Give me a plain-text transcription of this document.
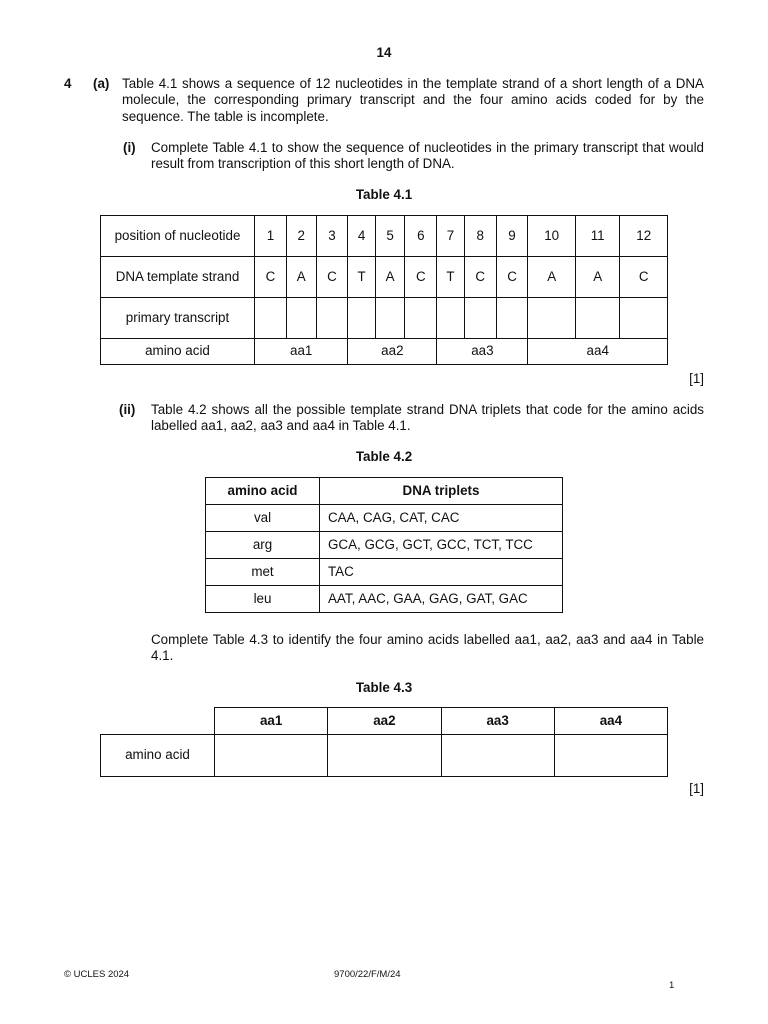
14
4 (a) Table 4.1 shows a sequence of 12 nucleotides in the template strand of a short length of a DNA molecule, the corresponding primary transcript and the four amino acids coded for by the sequence. The table is incomplete.
(i) Complete Table 4.1 to show the sequence of nucleotides in the primary transcript that would result from transcription of this short length of DNA.
Table 4.1
position of nucleotide	1	2	3	4	5	6	7	8	9	10	11	12
DNA template strand	C	A	C	T	A	C	T	C	C	A	A	C
primary transcript												
amino acid	aa1			aa2			aa3			aa4		
[1]
(ii) Table 4.2 shows all the possible template strand DNA triplets that code for the amino acids labelled aa1, aa2, aa3 and aa4 in Table 4.1.
Table 4.2
amino acid	DNA triplets
val	CAA, CAG, CAT, CAC
arg	GCA, GCG, GCT, GCC, TCT, TCC
met	TAC
leu	AAT, AAC, GAA, GAG, GAT, GAC
Complete Table 4.3 to identify the four amino acids labelled aa1, aa2, aa3 and aa4 in Table 4.1.
Table 4.3
	aa1	aa2	aa3	aa4
amino acid				
[1]
© UCLES 2024	9700/22/F/M/24
1
